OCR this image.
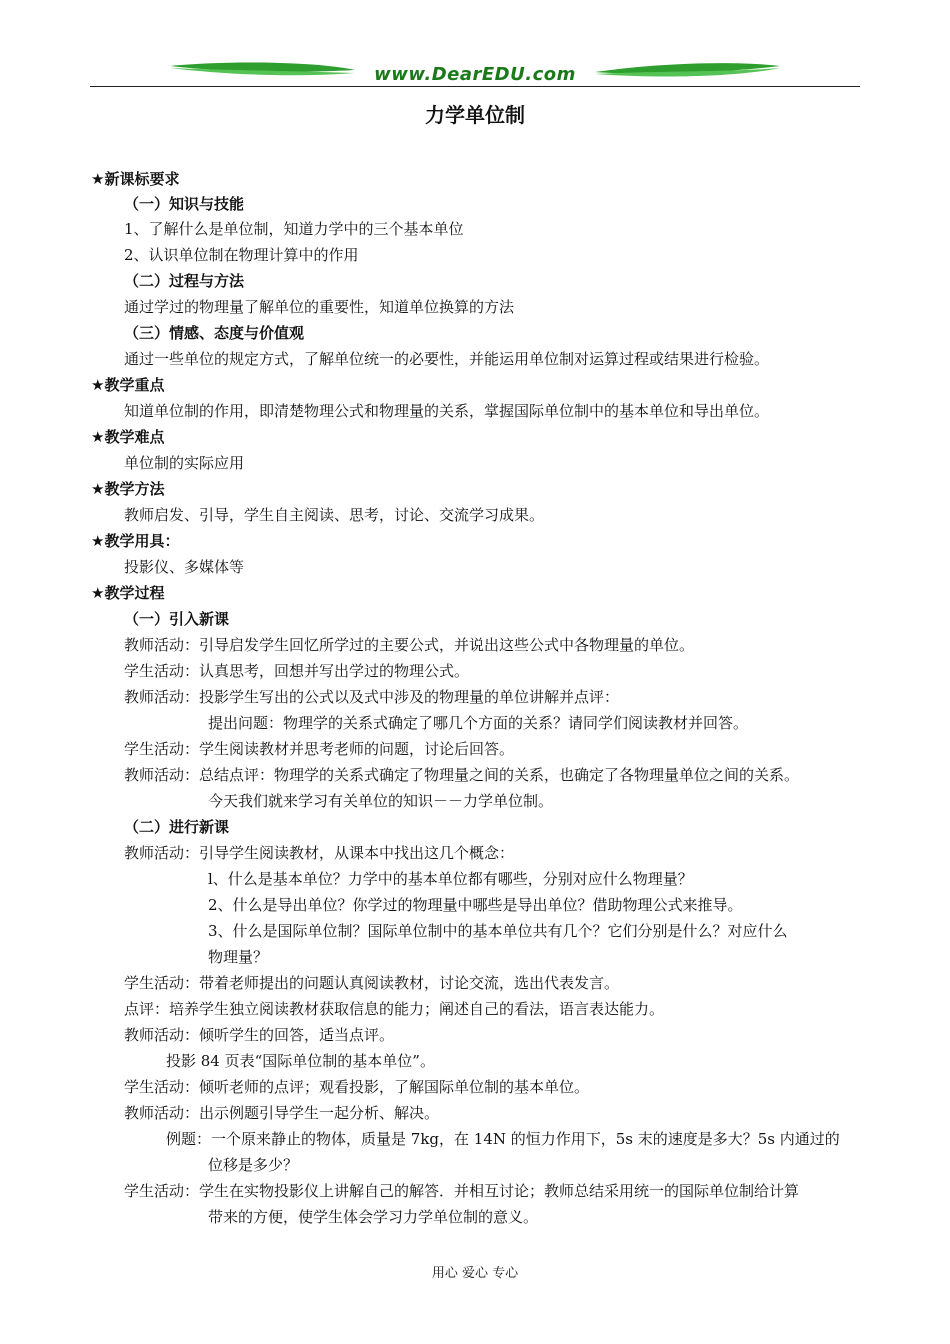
www.DearEDU.com
力学单位制
★新课标要求
（一）知识与技能
1、了解什么是单位制，知道力学中的三个基本单位
2、认识单位制在物理计算中的作用
（二）过程与方法
通过学过的物理量了解单位的重要性，知道单位换算的方法
（三）情感、态度与价值观
通过一些单位的规定方式，了解单位统一的必要性，并能运用单位制对运算过程或结果进行检验。
★教学重点
知道单位制的作用，即清楚物理公式和物理量的关系，掌握国际单位制中的基本单位和导出单位。
★教学难点
单位制的实际应用
★教学方法
教师启发、引导，学生自主阅读、思考，讨论、交流学习成果。
★教学用具：
投影仪、多媒体等
★教学过程
（一）引入新课
教师活动：引导启发学生回忆所学过的主要公式，并说出这些公式中各物理量的单位。
学生活动：认真思考，回想并写出学过的物理公式。
教师活动：投影学生写出的公式以及式中涉及的物理量的单位讲解并点评：
提出问题：物理学的关系式确定了哪几个方面的关系？请同学们阅读教材并回答。
学生活动：学生阅读教材并思考老师的问题，讨论后回答。
教师活动：总结点评：物理学的关系式确定了物理量之间的关系，也确定了各物理量单位之间的关系。
今天我们就来学习有关单位的知识－－力学单位制。
（二）进行新课
教师活动：引导学生阅读教材，从课本中找出这几个概念：
l、什么是基本单位？力学中的基本单位都有哪些，分别对应什么物理量？
2、什么是导出单位？你学过的物理量中哪些是导出单位？借助物理公式来推导。
3、什么是国际单位制？国际单位制中的基本单位共有几个？它们分别是什么？对应什么
物理量？
学生活动：带着老师提出的问题认真阅读教材，讨论交流，选出代表发言。
点评：培养学生独立阅读教材获取信息的能力；阐述自己的看法，语言表达能力。
教师活动：倾听学生的回答，适当点评。
投影 84 页表“国际单位制的基本单位”。
学生活动：倾听老师的点评；观看投影，了解国际单位制的基本单位。
教师活动：出示例题引导学生一起分析、解决。
例题：一个原来静止的物体，质量是 7kg，在 14N 的恒力作用下，5s 末的速度是多大？5s 内通过的
位移是多少？
学生活动：学生在实物投影仪上讲解自己的解答．并相互讨论；教师总结采用统一的国际单位制给计算
带来的方便，使学生体会学习力学单位制的意义。
用心 爱心 专心
